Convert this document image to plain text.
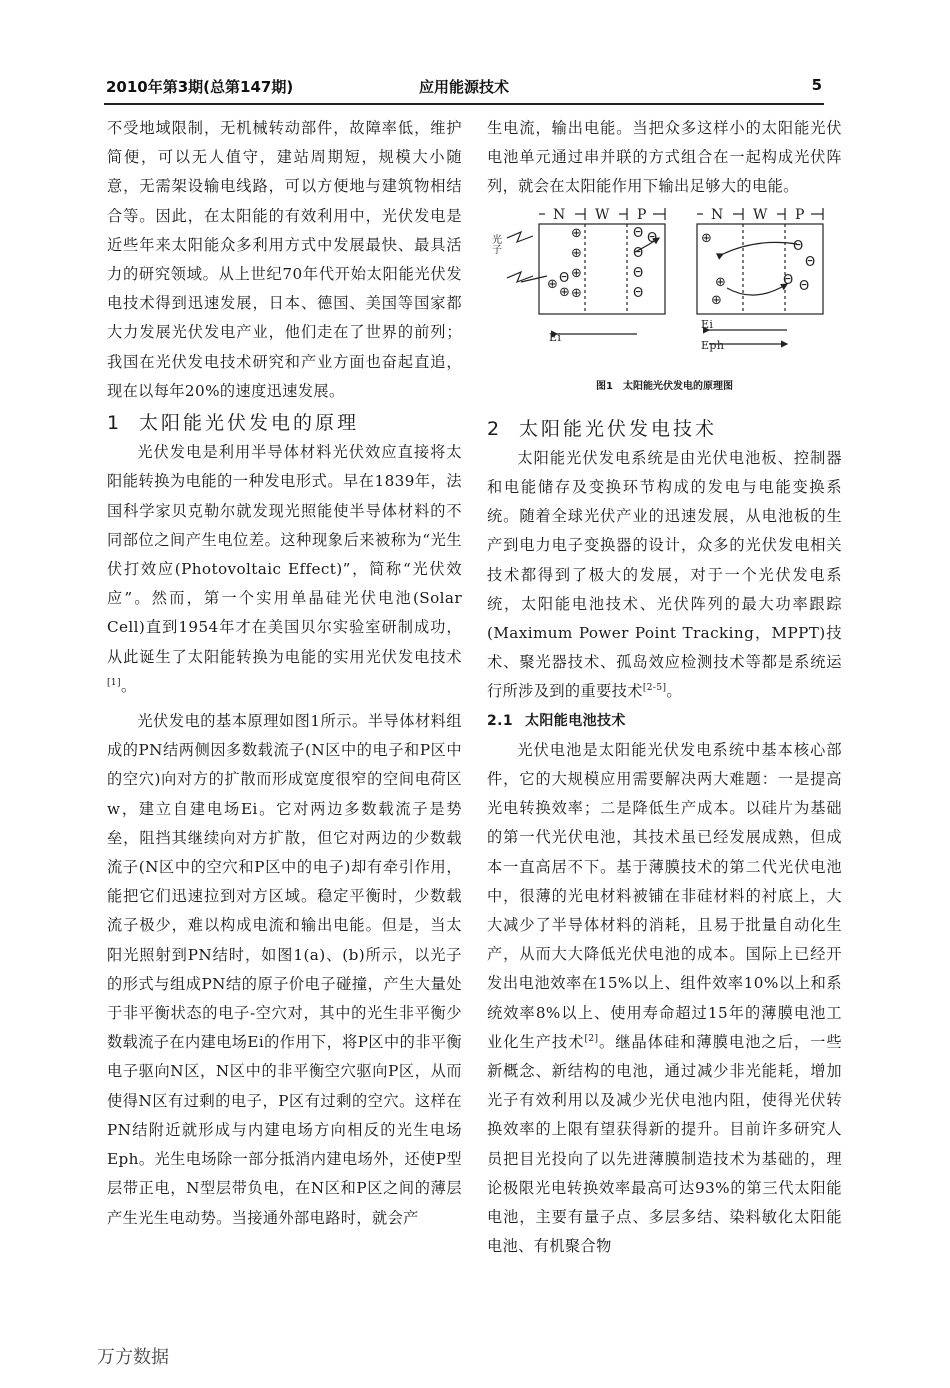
2010年第3期(总第147期)	应用能源技术	5

不受地域限制，无机械转动部件，故障率低，维护简便，可以无人值守，建站周期短，规模大小随意，无需架设输电线路，可以方便地与建筑物相结合等。因此，在太阳能的有效利用中，光伏发电是近些年来太阳能众多利用方式中发展最快、最具活力的研究领域。从上世纪70年代开始太阳能光伏发电技术得到迅速发展，日本、德国、美国等国家都大力发展光伏发电产业，他们走在了世界的前列；我国在光伏发电技术研究和产业方面也奋起直追，现在以每年20%的速度迅速发展。

1 太阳能光伏发电的原理

光伏发电是利用半导体材料光伏效应直接将太阳能转换为电能的一种发电形式。早在1839年，法国科学家贝克勒尔就发现光照能使半导体材料的不同部位之间产生电位差。这种现象后来被称为“光生伏打效应(Photovoltaic Effect)”，简称“光伏效应”。然而，第一个实用单晶硅光伏电池(Solar Cell)直到1954年才在美国贝尔实验室研制成功，从此诞生了太阳能转换为电能的实用光伏发电技术[1]。

光伏发电的基本原理如图1所示。半导体材料组成的PN结两侧因多数载流子(N区中的电子和P区中的空穴)向对方的扩散而形成宽度很窄的空间电荷区w，建立自建电场Ei。它对两边多数载流子是势垒，阻挡其继续向对方扩散，但它对两边的少数载流子(N区中的空穴和P区中的电子)却有牵引作用，能把它们迅速拉到对方区域。稳定平衡时，少数载流子极少，难以构成电流和输出电能。但是，当太阳光照射到PN结时，如图1(a)、(b)所示，以光子的形式与组成PN结的原子价电子碰撞，产生大量处于非平衡状态的电子-空穴对，其中的光生非平衡少数载流子在内建电场Ei的作用下，将P区中的非平衡电子驱向N区，N区中的非平衡空穴驱向P区，从而使得N区有过剩的电子，P区有过剩的空穴。这样在PN结附近就形成与内建电场方向相反的光生电场Eph。光生电场除一部分抵消内建电场外，还使P型层带正电，N型层带负电，在N区和P区之间的薄层产生光生电动势。当接通外部电路时，就会产

生电流，输出电能。当把众多这样小的太阳能光伏电池单元通过串并联的方式组合在一起构成光伏阵列，就会在太阳能作用下输出足够大的电能。

N W P
Ei
⊕
⊕
⊕
⊕
⊕
⊕
Θ
Θ
Θ
Θ
Θ
Θ
光子
N W P
Ei
Eph
⊕
⊕
⊕
Θ
Θ
Θ
Θ
图1　太阳能光伏发电的原理图
2 太阳能光伏发电技术

太阳能光伏发电系统是由光伏电池板、控制器和电能储存及变换环节构成的发电与电能变换系统。随着全球光伏产业的迅速发展，从电池板的生产到电力电子变换器的设计，众多的光伏发电相关技术都得到了极大的发展，对于一个光伏发电系统，太阳能电池技术、光伏阵列的最大功率跟踪(Maximum Power Point Tracking，MPPT)技术、聚光器技术、孤岛效应检测技术等都是系统运行所涉及到的重要技术[2-5]。

2.1 太阳能电池技术

光伏电池是太阳能光伏发电系统中基本核心部件，它的大规模应用需要解决两大难题：一是提高光电转换效率；二是降低生产成本。以硅片为基础的第一代光伏电池，其技术虽已经发展成熟，但成本一直高居不下。基于薄膜技术的第二代光伏电池中，很薄的光电材料被铺在非硅材料的衬底上，大大减少了半导体材料的消耗，且易于批量自动化生产，从而大大降低光伏电池的成本。国际上已经开发出电池效率在15%以上、组件效率10%以上和系统效率8%以上、使用寿命超过15年的薄膜电池工业化生产技术[2]。继晶体硅和薄膜电池之后，一些新概念、新结构的电池，通过减少非光能耗，增加光子有效利用以及减少光伏电池内阻，使得光伏转换效率的上限有望获得新的提升。目前许多研究人员把目光投向了以先进薄膜制造技术为基础的，理论极限光电转换效率最高可达93%的第三代太阳能电池，主要有量子点、多层多结、染料敏化太阳能电池、有机聚合物

万方数据
